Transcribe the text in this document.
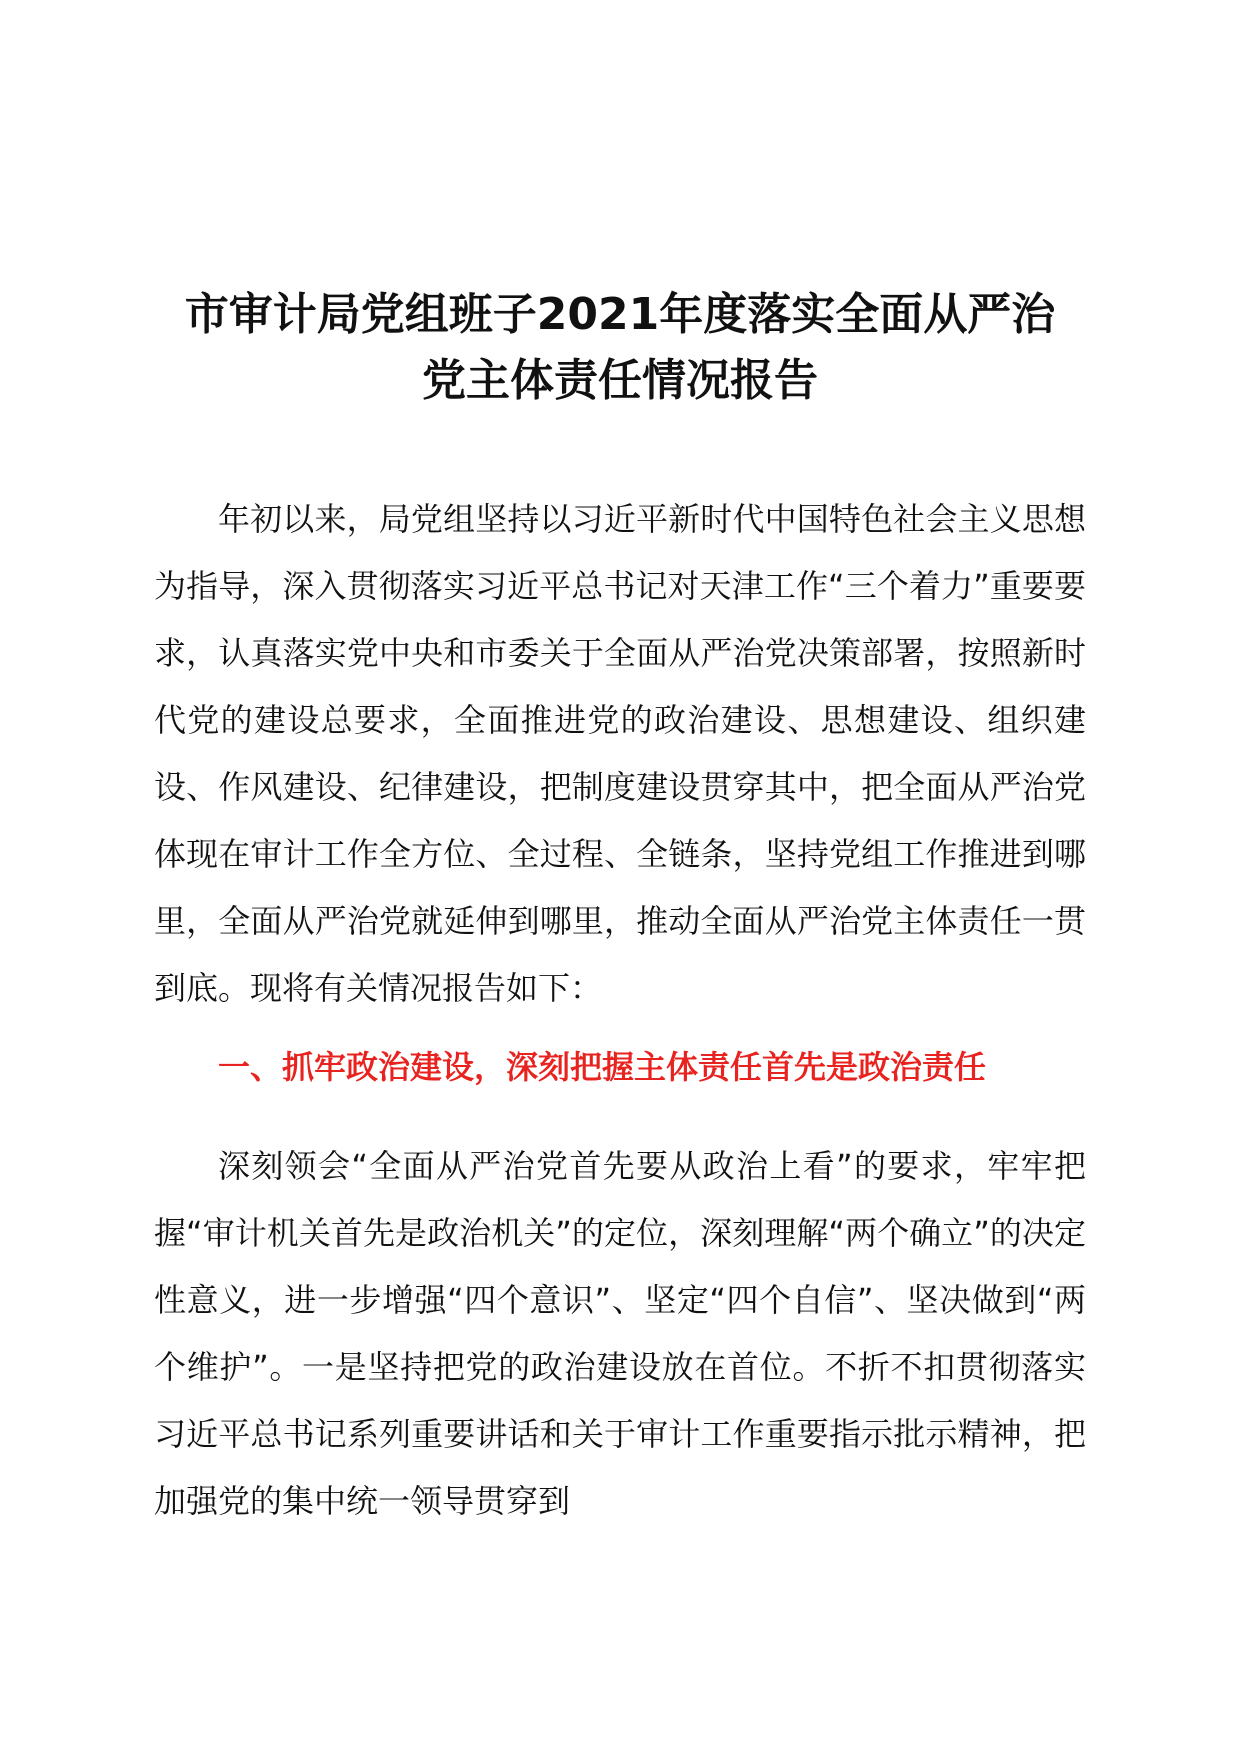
市审计局党组班子2021年度落实全面从严治
党主体责任情况报告

年初以来，局党组坚持以习近平新时代中国特色社会主义思想为指导，深入贯彻落实习近平总书记对天津工作“三个着力”重要要求，认真落实党中央和市委关于全面从严治党决策部署，按照新时代党的建设总要求，全面推进党的政治建设、思想建设、组织建设、作风建设、纪律建设，把制度建设贯穿其中，把全面从严治党体现在审计工作全方位、全过程、全链条，坚持党组工作推进到哪里，全面从严治党就延伸到哪里，推动全面从严治党主体责任一贯到底。现将有关情况报告如下：

一、抓牢政治建设，深刻把握主体责任首先是政治责任

深刻领会“全面从严治党首先要从政治上看”的要求，牢牢把握“审计机关首先是政治机关”的定位，深刻理解“两个确立”的决定性意义，进一步增强“四个意识”、坚定“四个自信”、坚决做到“两个维护”。一是坚持把党的政治建设放在首位。不折不扣贯彻落实习近平总书记系列重要讲话和关于审计工作重要指示批示精神，把加强党的集中统一领导贯穿到
